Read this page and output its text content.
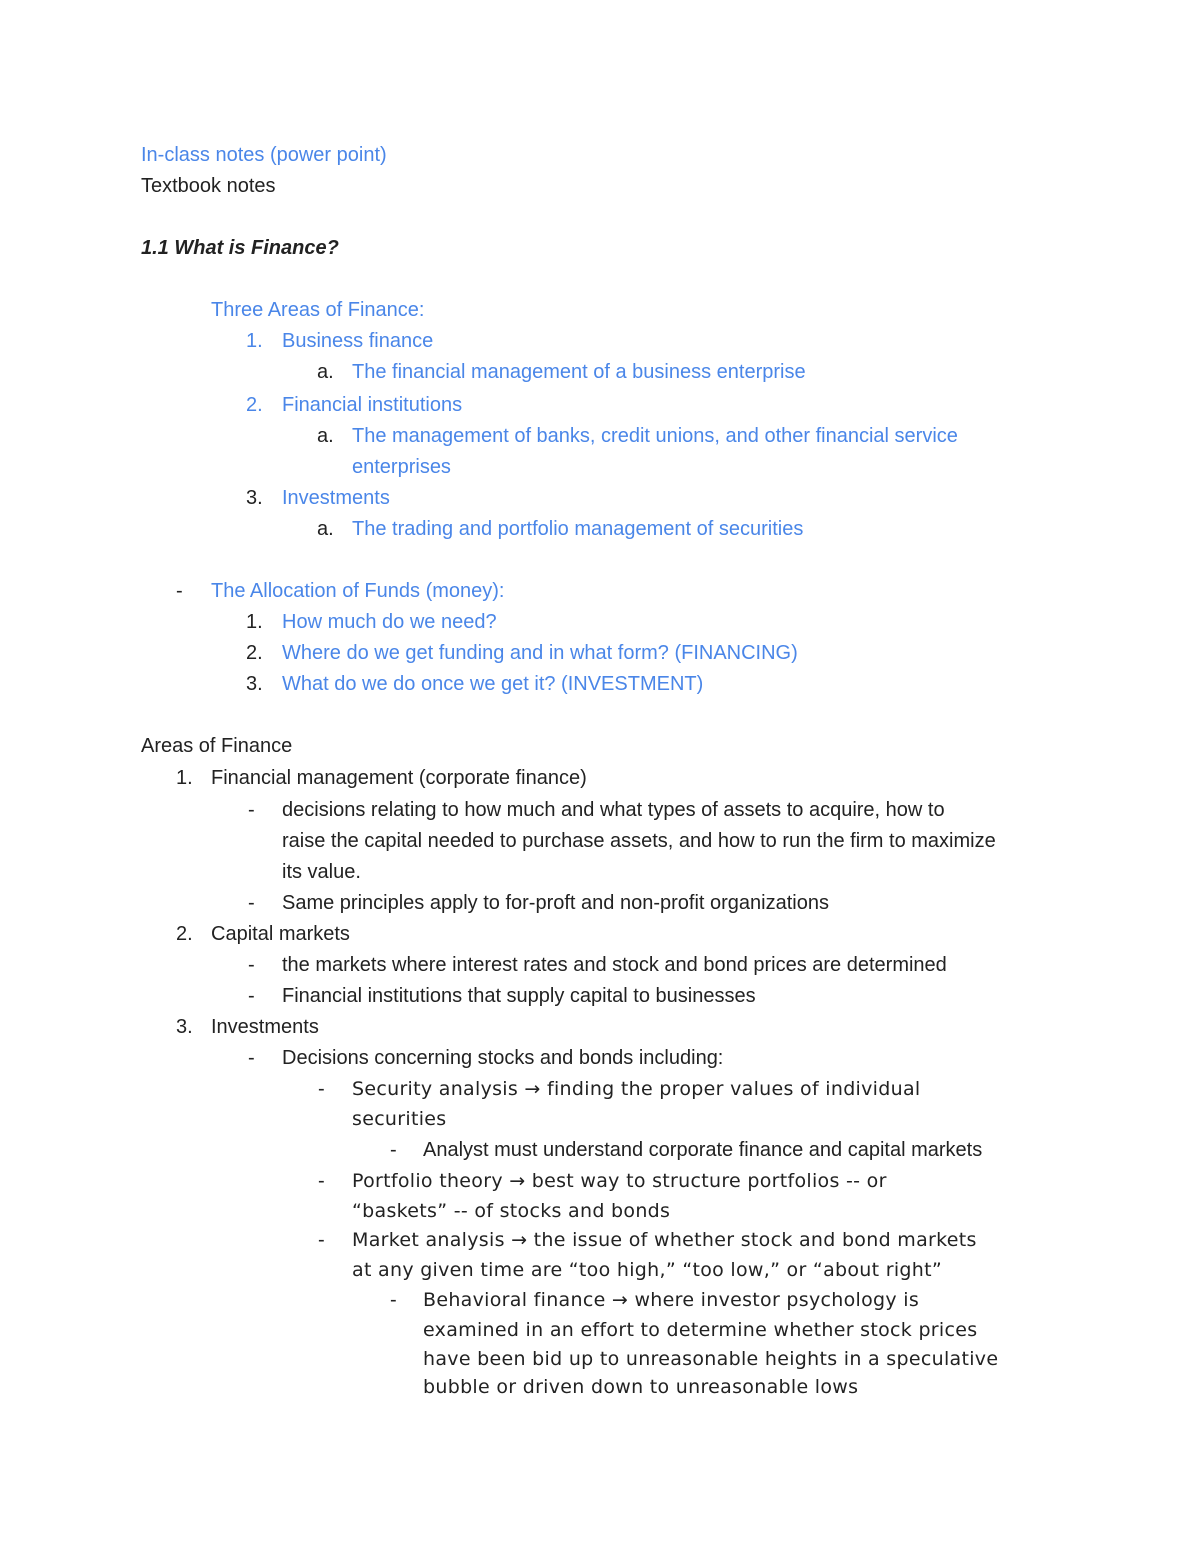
In-class notes (power point)
Textbook notes
1.1 What is Finance?
Three Areas of Finance:
1. Business finance
a. The financial management of a business enterprise
2. Financial institutions
a. The management of banks, credit unions, and other financial service
enterprises
3. Investments
a. The trading and portfolio management of securities
- The Allocation of Funds (money):
1. How much do we need?
2. Where do we get funding and in what form? (FINANCING)
3. What do we do once we get it? (INVESTMENT)
Areas of Finance
1. Financial management (corporate finance)
- decisions relating to how much and what types of assets to acquire, how to
raise the capital needed to purchase assets, and how to run the firm to maximize
its value.
- Same principles apply to for-proft and non-profit organizations
2. Capital markets
- the markets where interest rates and stock and bond prices are determined
- Financial institutions that supply capital to businesses
3. Investments
- Decisions concerning stocks and bonds including:
- Security analysis → finding the proper values of individual
securities
- Analyst must understand corporate finance and capital markets
- Portfolio theory → best way to structure portfolios -- or
“baskets” -- of stocks and bonds
- Market analysis → the issue of whether stock and bond markets
at any given time are “too high,” “too low,” or “about right”
- Behavioral finance → where investor psychology is
examined in an effort to determine whether stock prices
have been bid up to unreasonable heights in a speculative
bubble or driven down to unreasonable lows
